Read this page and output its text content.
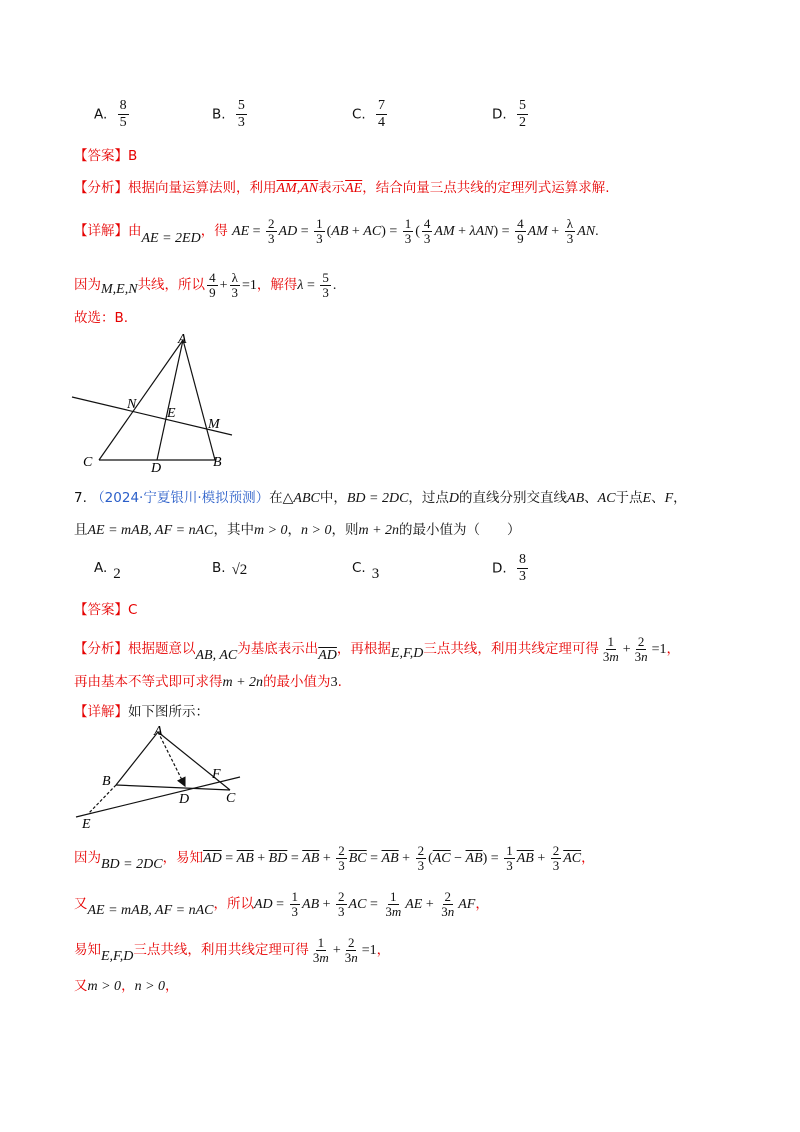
A. $\frac{8}{5}$	B. $\frac{5}{3}$	C. $\frac{7}{4}$	D. $\frac{5}{2}$
【答案】B
【分析】根据向量运算法则，利用AM,AN表示$\overline{AE}$，结合向量三点共线的定理列式运算求解.
【详解】由AE = 2ED，得 AE = $\frac{2}{3}$ AD = $\frac{1}{3} (AB + AC) = \frac{1}{3}$ ( $\frac{4}{3}$ AM + $\lambda AN) = \frac{4}{9}$ AM + $\frac{\lambda}{3}$ AN.
因为M,E,N共线，所以 $\frac{4}{9} + \frac{\lambda}{3} =1$，解得$\lambda = \frac{5}{3}$ .
故选：B.
A
N
E
M
C	D	B
7. （2024·宁夏银川·模拟预测）在△ABC中，BD = 2DC，过点D的直线分别交直线AB、AC于点E、F，
且AE = mAB, AF = nAC，其中m > 0，n > 0，则m + 2n的最小值为（　　）
A. 2	B. √2	C. 3	D. $\frac{8}{3}$
【答案】C
【分析】根据题意以AB, AC为基底表示出$\overline{AD}$，再根据E,F,D三点共线，利用共线定理可得 $\frac{1}{3m} + \frac{2}{3n} =1$，
再由基本不等式即可求得m + 2n的最小值为3.
【详解】如下图所示：
A
B	F
D	C
E
因为BD = 2DC，易知$\overline{AD} = \overline{AB} + \overline{BD} = \overline{AB} + \frac{2}{3} \overline{BC} = \overline{AB} + \frac{2}{3} (\overline{AC} - \overline{AB}) = \frac{1}{3} \overline{AB} + \frac{2}{3} \overline{AC}$，
又AE = mAB, AF = nAC，所以AD = $\frac{1}{3}$ AB + $\frac{2}{3}$ AC = $\frac{1}{3m}$ AE + $\frac{2}{3n}$ AF，
易知E,F,D三点共线，利用共线定理可得 $\frac{1}{3m} + \frac{2}{3n} =1$，
又m > 0，n > 0，
